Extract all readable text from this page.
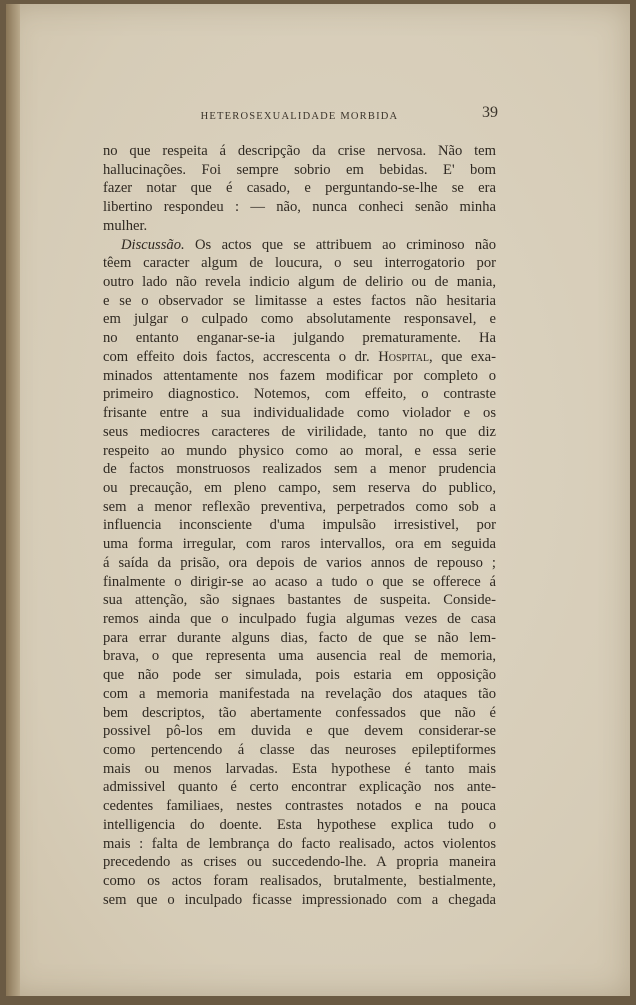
HETEROSEXUALIDADE MORBIDA	39
no que respeita á descripção da crise nervosa. Não tem
hallucinações. Foi sempre sobrio em bebidas. E' bom
fazer notar que é casado, e perguntando-se-lhe se era
libertino respondeu : — não, nunca conheci senão minha
mulher.
Discussão. Os actos que se attribuem ao criminoso não
têem caracter algum de loucura, o seu interrogatorio por
outro lado não revela indicio algum de delirio ou de mania,
e se o observador se limitasse a estes factos não hesitaria
em julgar o culpado como absolutamente responsavel, e
no entanto enganar-se-ia julgando prematuramente. Ha
com effeito dois factos, accrescenta o dr. Hospital, que exa-
minados attentamente nos fazem modificar por completo o
primeiro diagnostico. Notemos, com effeito, o contraste
frisante entre a sua individualidade como violador e os
seus mediocres caracteres de virilidade, tanto no que diz
respeito ao mundo physico como ao moral, e essa serie
de factos monstruosos realizados sem a menor prudencia
ou precaução, em pleno campo, sem reserva do publico,
sem a menor reflexão preventiva, perpetrados como sob a
influencia inconsciente d'uma impulsão irresistivel, por
uma forma irregular, com raros intervallos, ora em seguida
á saída da prisão, ora depois de varios annos de repouso ;
finalmente o dirigir-se ao acaso a tudo o que se offerece á
sua attenção, são signaes bastantes de suspeita. Conside-
remos ainda que o inculpado fugia algumas vezes de casa
para errar durante alguns dias, facto de que se não lem-
brava, o que representa uma ausencia real de memoria,
que não pode ser simulada, pois estaria em opposição
com a memoria manifestada na revelação dos ataques tão
bem descriptos, tão abertamente confessados que não é
possivel pô-los em duvida e que devem considerar-se
como pertencendo á classe das neuroses epileptiformes
mais ou menos larvadas. Esta hypothese é tanto mais
admissivel quanto é certo encontrar explicação nos ante-
cedentes familiaes, nestes contrastes notados e na pouca
intelligencia do doente. Esta hypothese explica tudo o
mais : falta de lembrança do facto realisado, actos violentos
precedendo as crises ou succedendo-lhe. A propria maneira
como os actos foram realisados, brutalmente, bestialmente,
sem que o inculpado ficasse impressionado com a chegada
